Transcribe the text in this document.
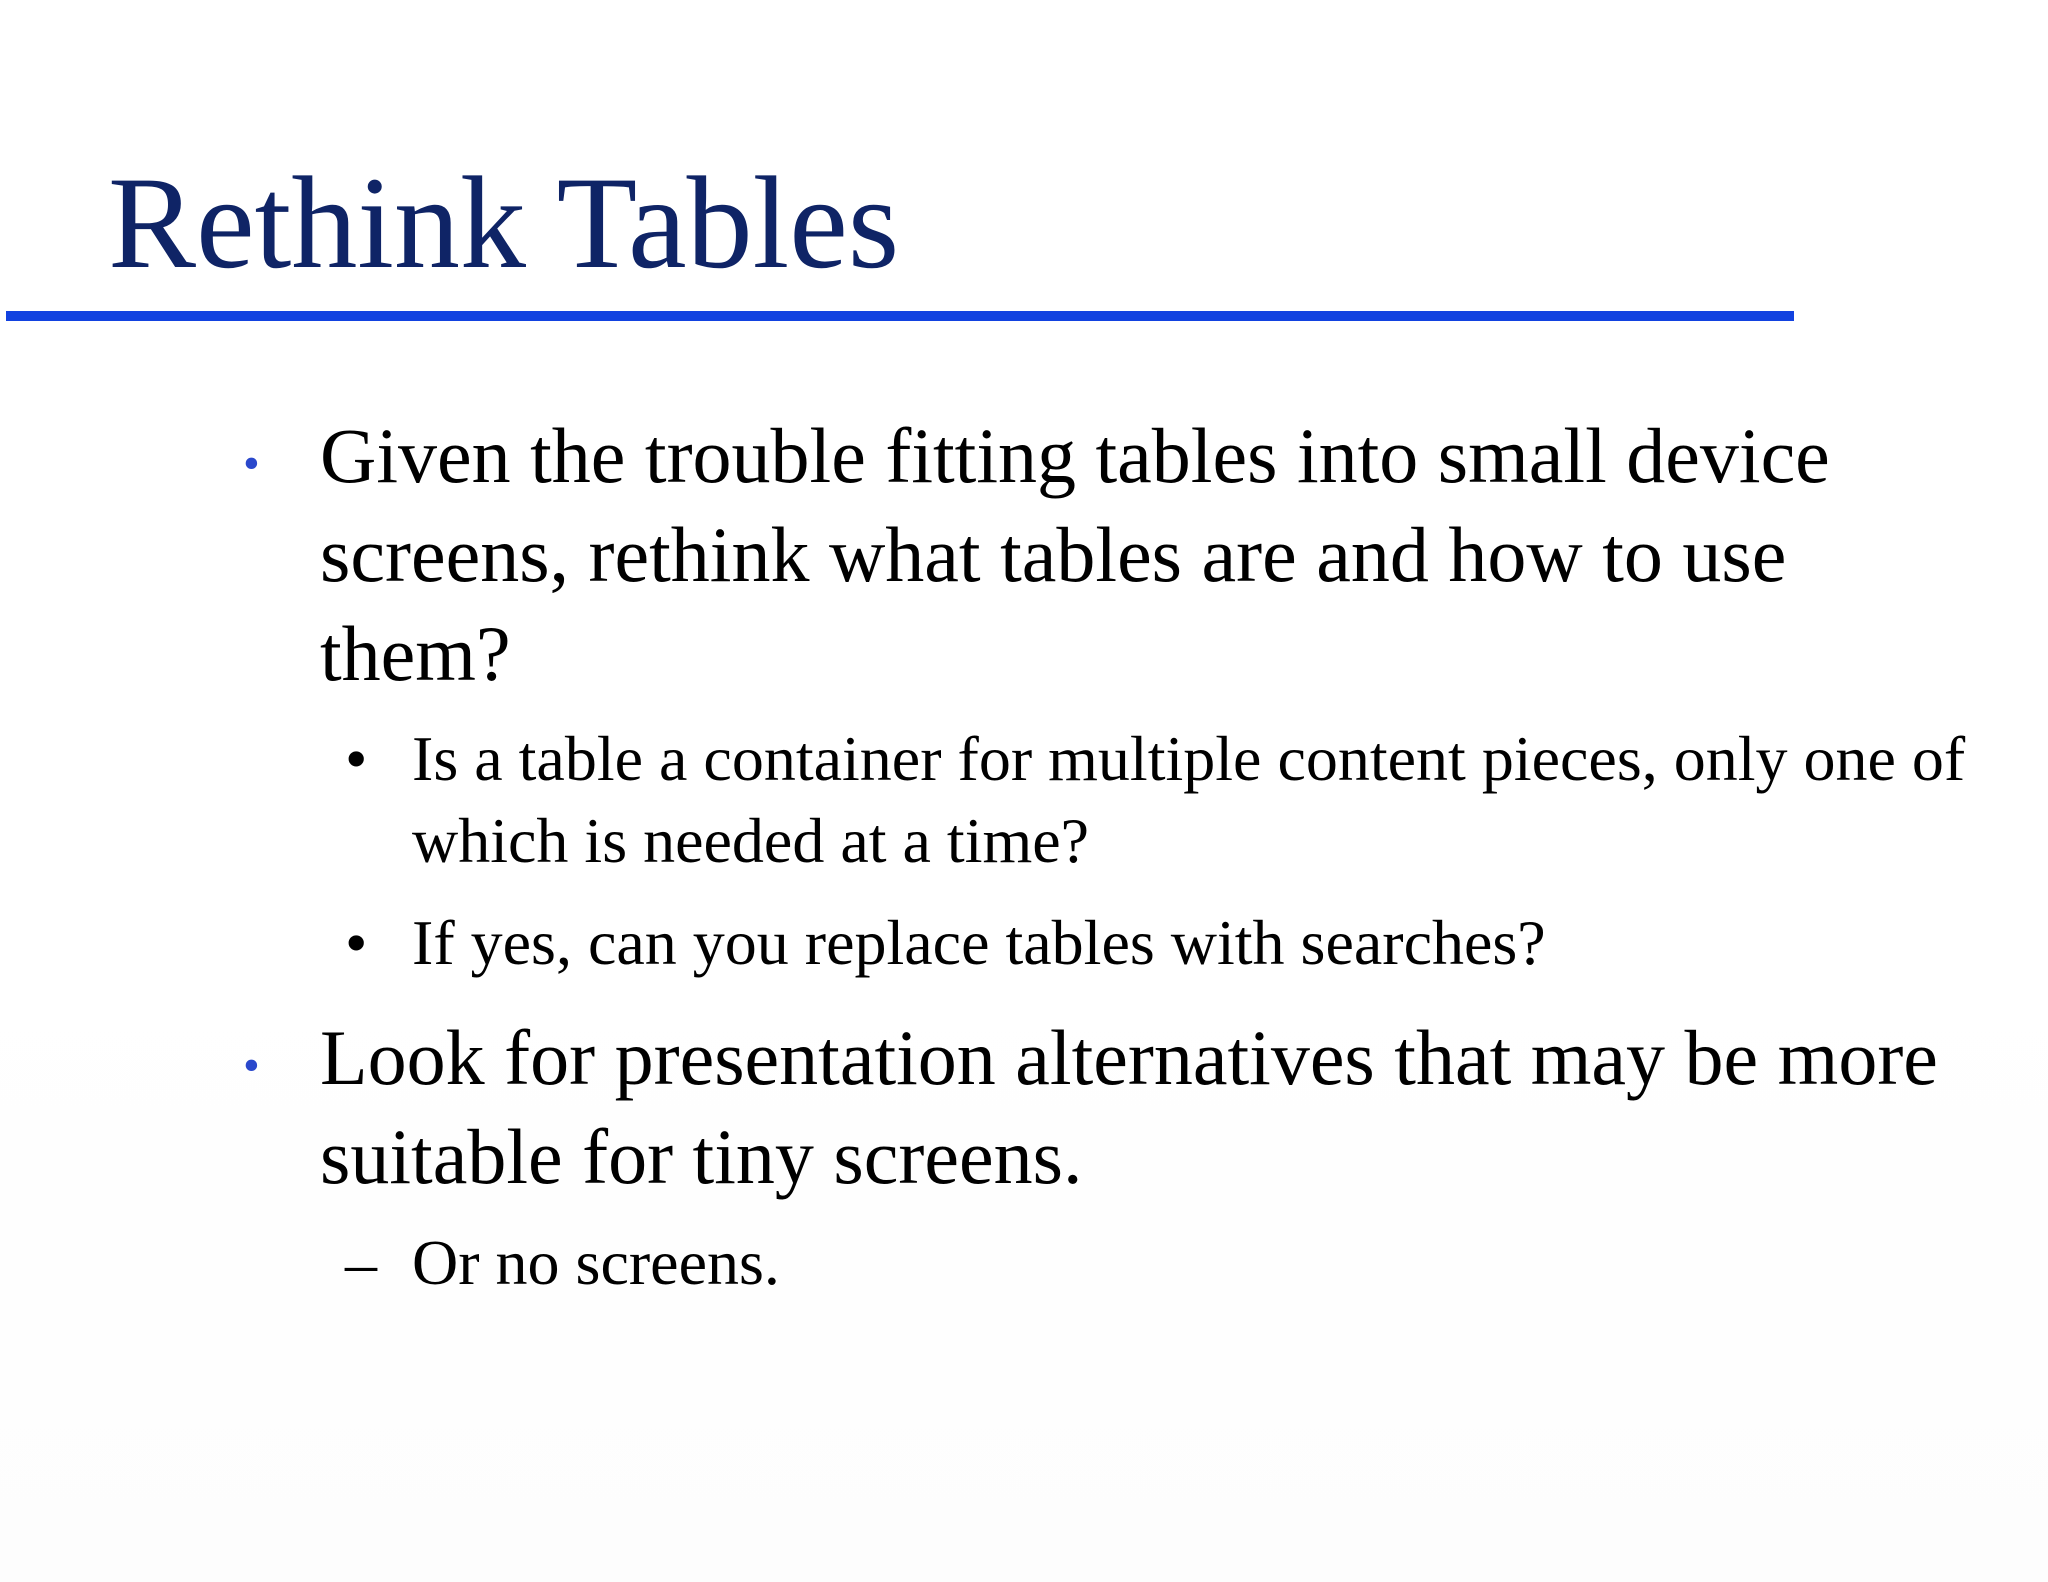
Rethink Tables
• Given the trouble fitting tables into small device screens, rethink what tables are and how to use them?
• Is a table a container for multiple content pieces, only one of which is needed at a time?
• If yes, can you replace tables with searches?
• Look for presentation alternatives that may be more suitable for tiny screens.
– Or no screens.
